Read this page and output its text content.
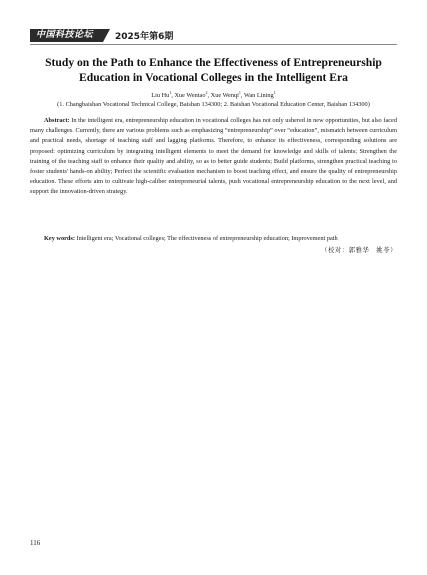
中国科技论坛	2025年第6期
Study on the Path to Enhance the Effectiveness of Entrepreneurship Education in Vocational Colleges in the Intelligent Era
Liu Hu$^1$, Xue Wentao$^2$, Xue Wenqi$^1$, Wan Lining$^1$
(1. Changbaishan Vocational Technical College, Baishan 134300; 2. Baishan Vocational Education Center, Baishan 134300)

Abstract: In the intelligent era, entrepreneurship education in vocational colleges has not only ushered in new opportunities, but also faced many challenges. Currently, there are various problems such as emphasizing “entrepreneurship” over “education”, mismatch between curriculum and practical needs, shortage of teaching staff and lagging platforms. Therefore, to enhance its effectiveness, corresponding solutions are proposed: optimizing curriculum by integrating intelligent elements to meet the demand for knowledge and skills of talents; Strengthen the training of the teaching staff to enhance their quality and ability, so as to better guide students; Build platforms, strengthen practical teaching to foster students' hands-on ability; Perfect the scientific evaluation mechanism to boost teaching effect, and ensure the quality of entrepreneurship education. These efforts aim to cultivate high-caliber entrepreneurial talents, push vocational entrepreneurship education to the next level, and support the innovation-driven strategy.

Key words: Intelligent era; Vocational colleges; The effectiveness of entrepreneurship education; Improvement path
（校对：郭雅华　姚苓）
116
